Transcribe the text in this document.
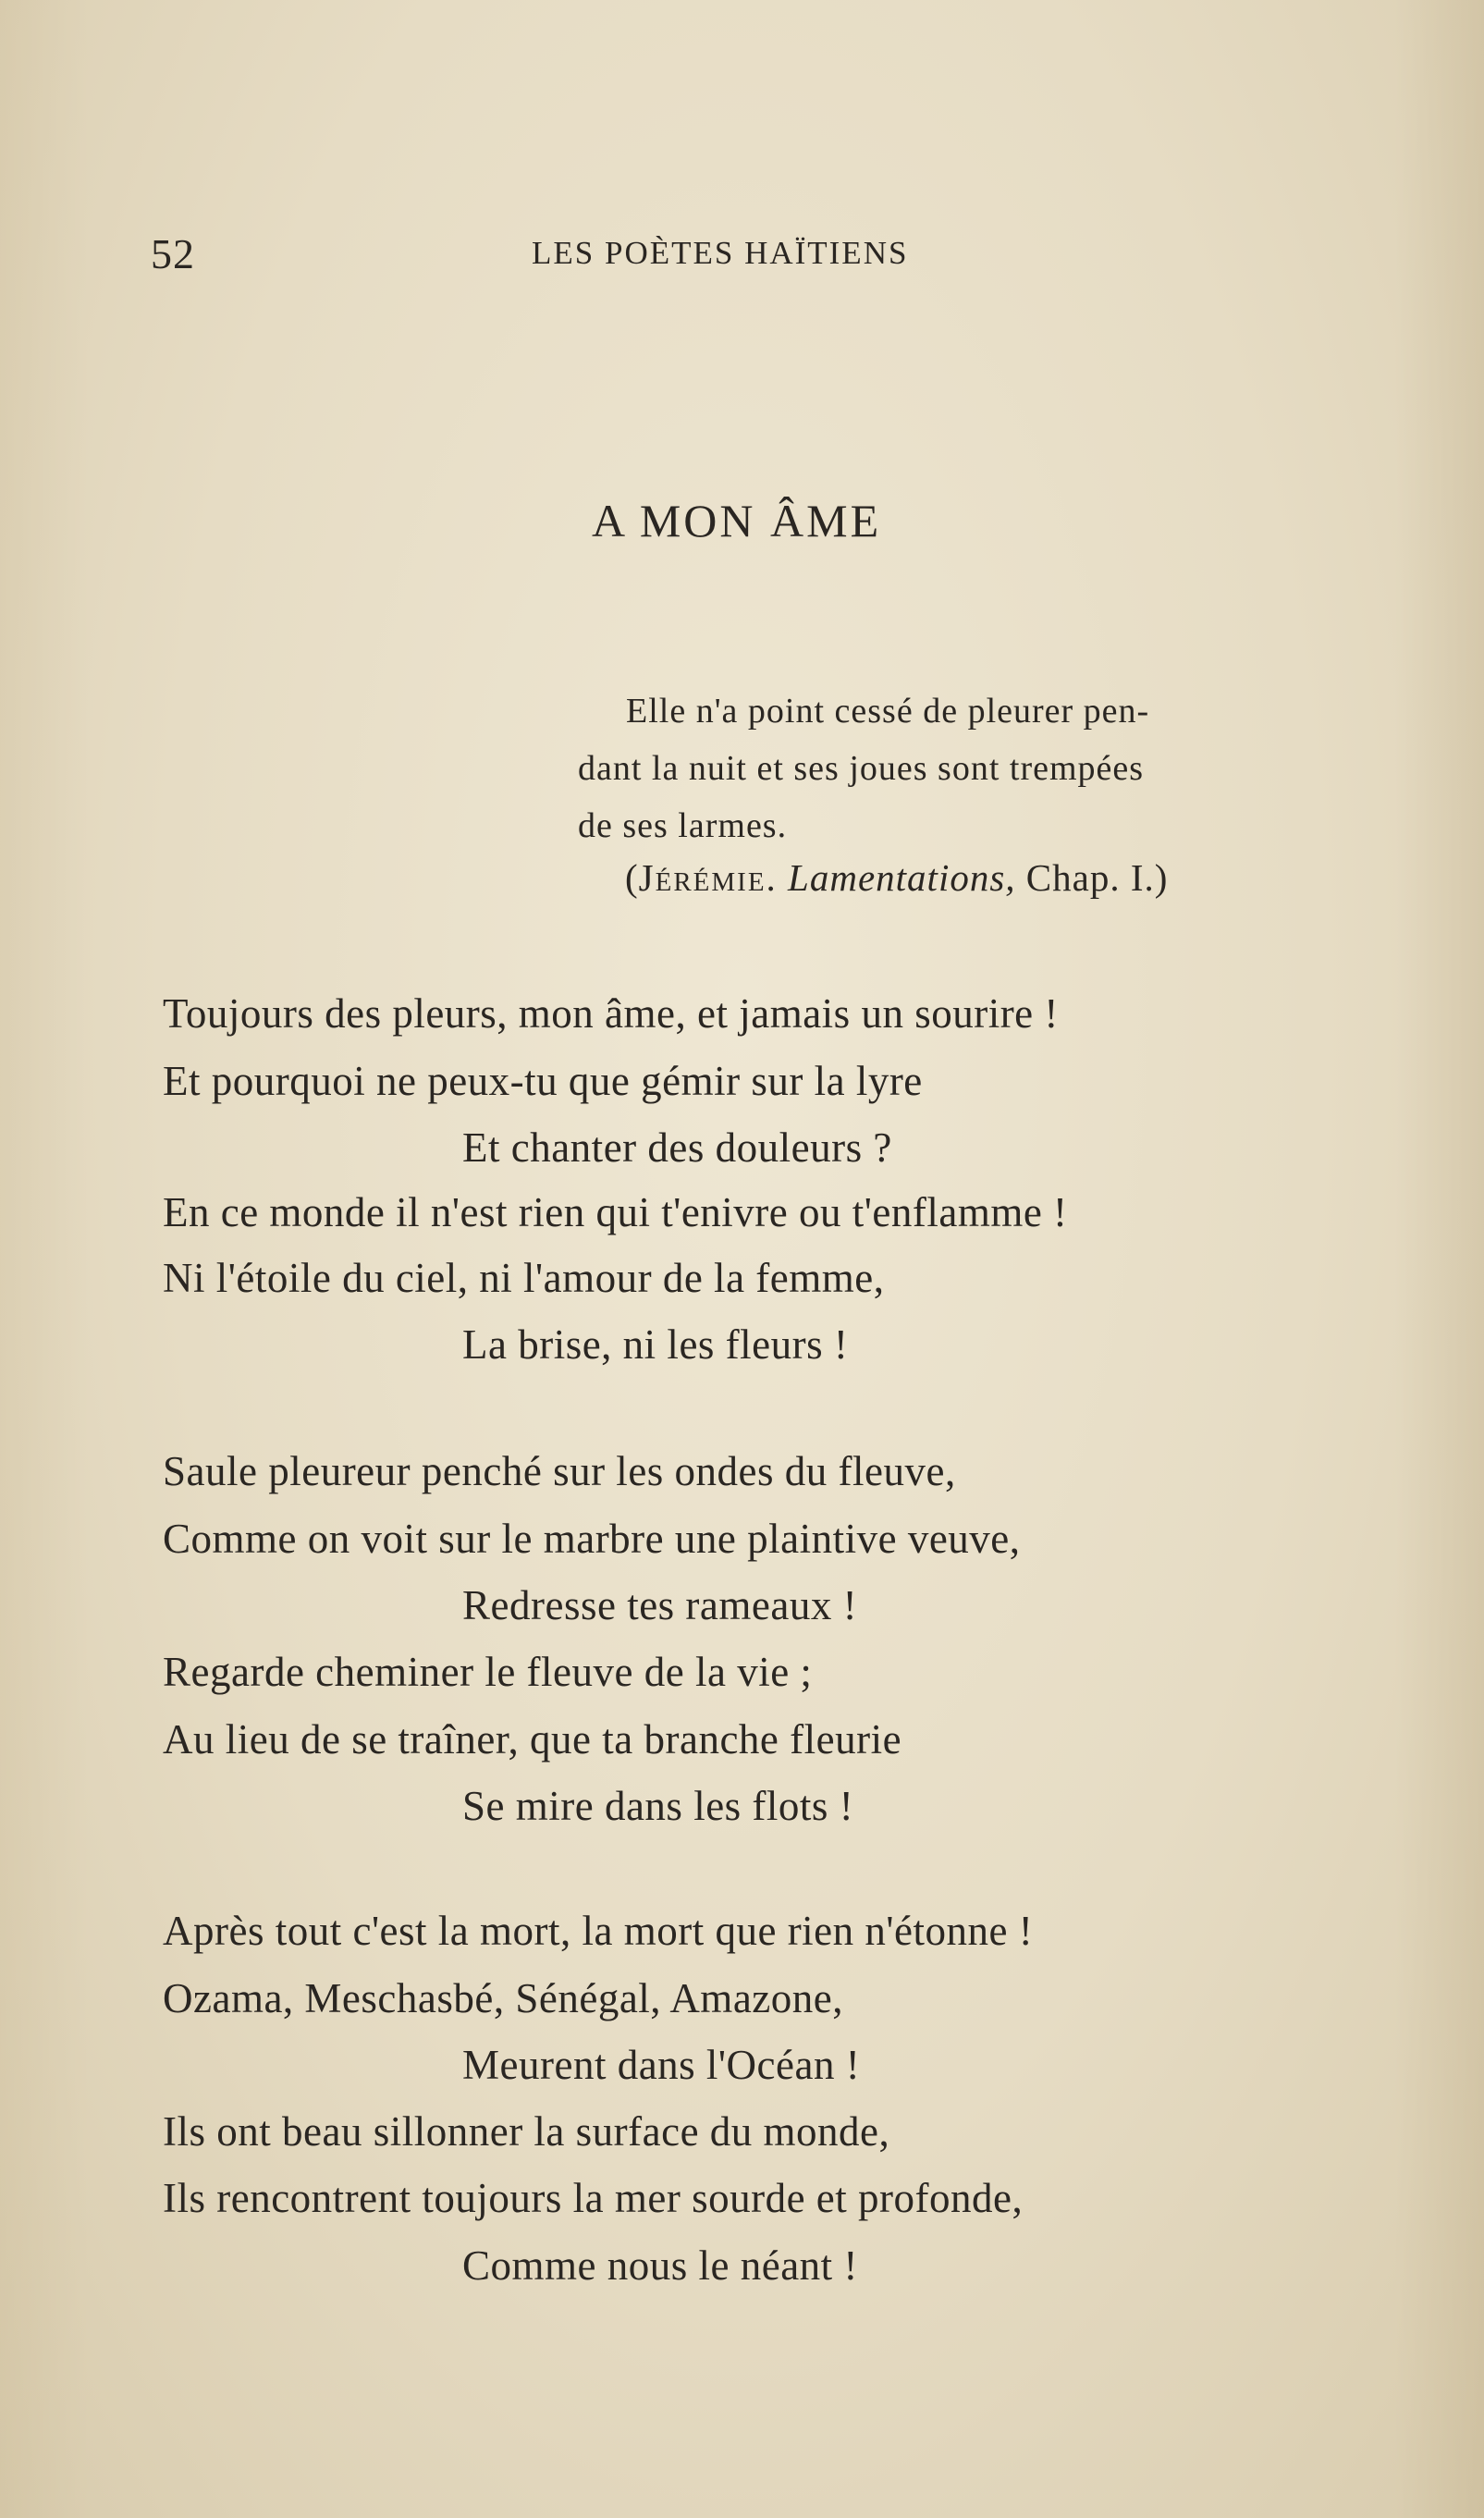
52	LES POÈTES HAÏTIENS
A MON ÂME
Elle n'a point cessé de pleurer pen-
dant la nuit et ses joues sont trempées
de ses larmes.
(Jérémie. Lamentations, Chap. I.)
Toujours des pleurs, mon âme, et jamais un sourire !
Et pourquoi ne peux-tu que gémir sur la lyre
Et chanter des douleurs ?
En ce monde il n'est rien qui t'enivre ou t'enflamme !
Ni l'étoile du ciel, ni l'amour de la femme,
La brise, ni les fleurs !
Saule pleureur penché sur les ondes du fleuve,
Comme on voit sur le marbre une plaintive veuve,
Redresse tes rameaux !
Regarde cheminer le fleuve de la vie ;
Au lieu de se traîner, que ta branche fleurie
Se mire dans les flots !
Après tout c'est la mort, la mort que rien n'étonne !
Ozama, Meschasbé, Sénégal, Amazone,
Meurent dans l'Océan !
Ils ont beau sillonner la surface du monde,
Ils rencontrent toujours la mer sourde et profonde,
Comme nous le néant !
